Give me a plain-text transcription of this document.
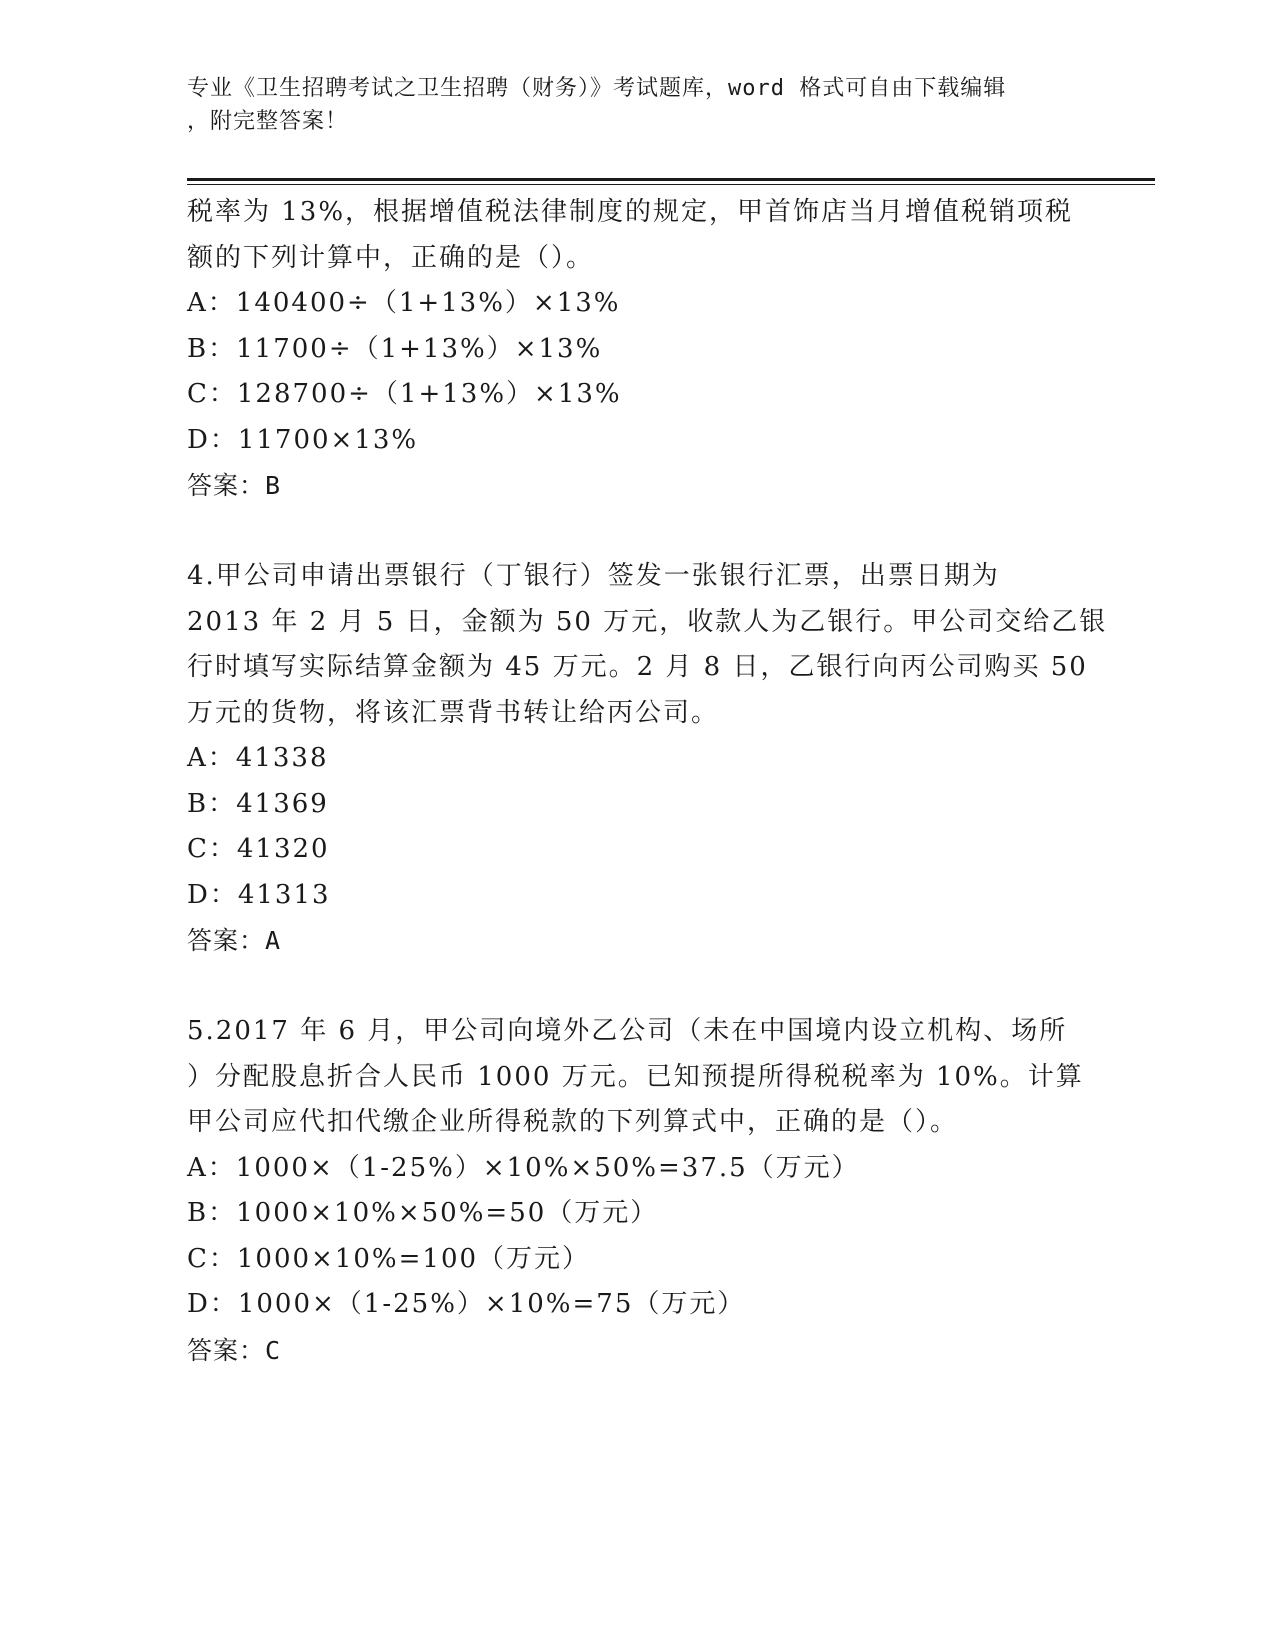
专业《卫生招聘考试之卫生招聘（财务）》考试题库，word 格式可自由下载编辑
，附完整答案！
税率为 13%，根据增值税法律制度的规定，甲首饰店当月增值税销项税
额的下列计算中，正确的是（）。
A：140400÷（1+13%）×13%
B：11700÷（1+13%）×13%
C：128700÷（1+13%）×13%
D：11700×13%
答案：B
4.甲公司申请出票银行（丁银行）签发一张银行汇票，出票日期为
2013 年 2 月 5 日，金额为 50 万元，收款人为乙银行。甲公司交给乙银
行时填写实际结算金额为 45 万元。2 月 8 日，乙银行向丙公司购买 50
万元的货物，将该汇票背书转让给丙公司。
A：41338
B：41369
C：41320
D：41313
答案：A
5.2017 年 6 月，甲公司向境外乙公司（未在中国境内设立机构、场所
）分配股息折合人民币 1000 万元。已知预提所得税税率为 10%。计算
甲公司应代扣代缴企业所得税款的下列算式中，正确的是（）。
A：1000×（1-25%）×10%×50%=37.5（万元）
B：1000×10%×50%=50（万元）
C：1000×10%=100（万元）
D：1000×（1-25%）×10%=75（万元）
答案：C
